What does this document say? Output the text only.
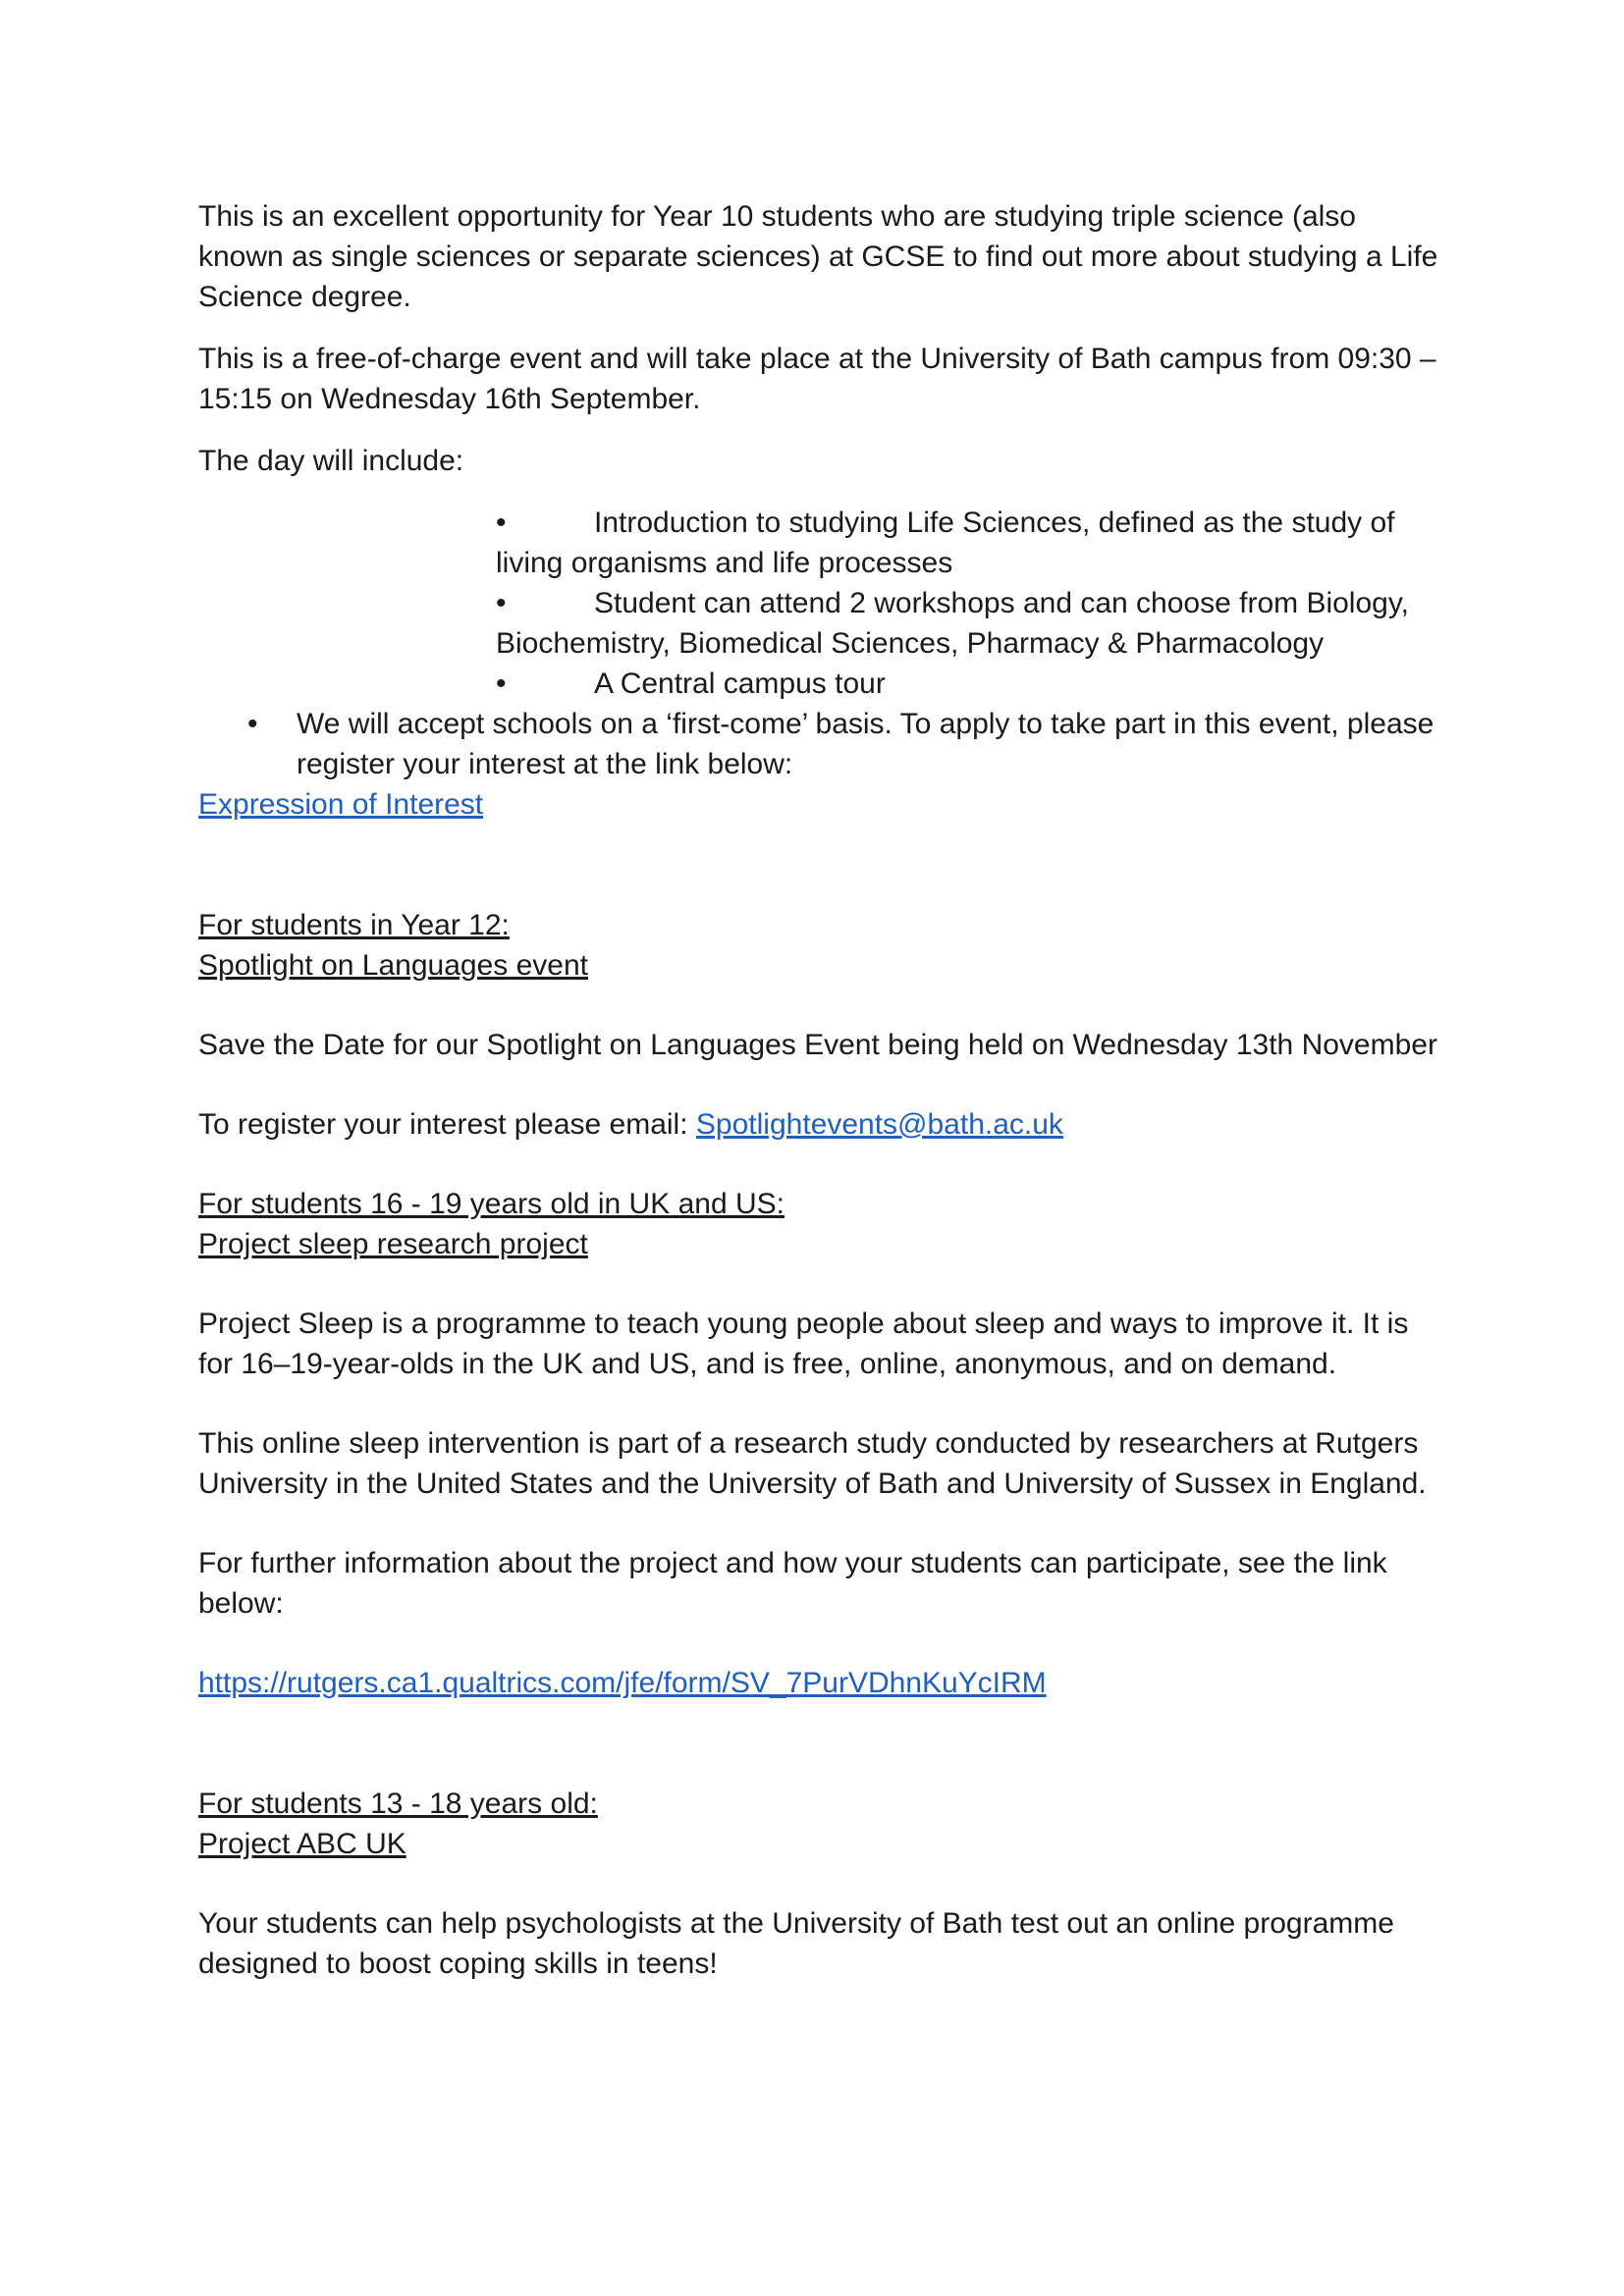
This is an excellent opportunity for Year 10 students who are studying triple science (also known as single sciences or separate sciences) at GCSE to find out more about studying a Life Science degree.

This is a free-of-charge event and will take place at the University of Bath campus from 09:30 – 15:15 on Wednesday 16th September.

The day will include:

•	Introduction to studying Life Sciences, defined as the study of living organisms and life processes
•	Student can attend 2 workshops and can choose from Biology, Biochemistry, Biomedical Sciences, Pharmacy & Pharmacology
•	A Central campus tour
• We will accept schools on a ‘first-come’ basis. To apply to take part in this event, please register your interest at the link below:

Expression of Interest

For students in Year 12:

Spotlight on Languages event

Save the Date for our Spotlight on Languages Event being held on Wednesday 13th November

To register your interest please email: Spotlightevents@bath.ac.uk

For students 16 - 19 years old in UK and US:

Project sleep research project

Project Sleep is a programme to teach young people about sleep and ways to improve it. It is for 16–19-year-olds in the UK and US, and is free, online, anonymous, and on demand.

This online sleep intervention is part of a research study conducted by researchers at Rutgers University in the United States and the University of Bath and University of Sussex in England.

For further information about the project and how your students can participate, see the link below:

https://rutgers.ca1.qualtrics.com/jfe/form/SV_7PurVDhnKuYcIRM

For students 13 - 18 years old:

Project ABC UK

Your students can help psychologists at the University of Bath test out an online programme designed to boost coping skills in teens!
